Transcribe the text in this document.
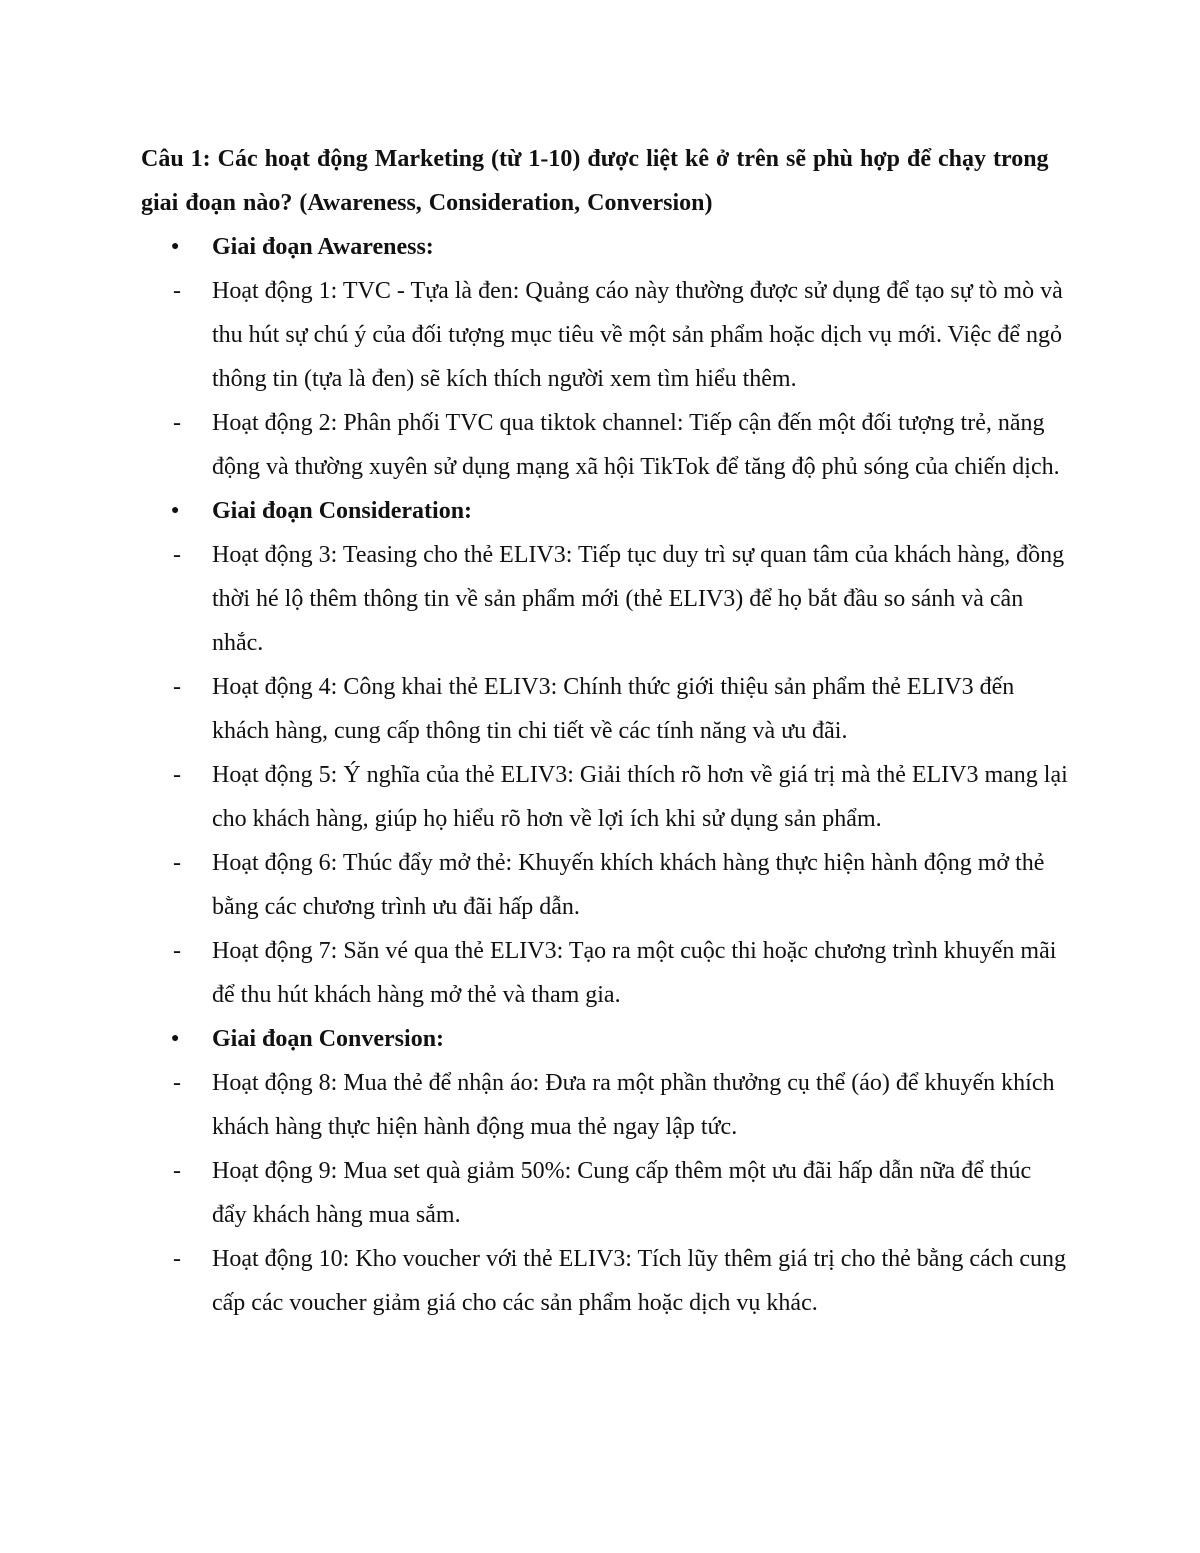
Câu 1: Các hoạt động Marketing (từ 1-10) được liệt kê ở trên sẽ phù hợp để chạy trong giai đoạn nào? (Awareness, Consideration, Conversion)

● Giai đoạn Awareness:
- Hoạt động 1: TVC - Tựa là đen: Quảng cáo này thường được sử dụng để tạo sự tò mò và thu hút sự chú ý của đối tượng mục tiêu về một sản phẩm hoặc dịch vụ mới. Việc để ngỏ thông tin (tựa là đen) sẽ kích thích người xem tìm hiểu thêm.
- Hoạt động 2: Phân phối TVC qua tiktok channel: Tiếp cận đến một đối tượng trẻ, năng động và thường xuyên sử dụng mạng xã hội TikTok để tăng độ phủ sóng của chiến dịch.
● Giai đoạn Consideration:
- Hoạt động 3: Teasing cho thẻ ELIV3: Tiếp tục duy trì sự quan tâm của khách hàng, đồng thời hé lộ thêm thông tin về sản phẩm mới (thẻ ELIV3) để họ bắt đầu so sánh và cân nhắc.
- Hoạt động 4: Công khai thẻ ELIV3: Chính thức giới thiệu sản phẩm thẻ ELIV3 đến khách hàng, cung cấp thông tin chi tiết về các tính năng và ưu đãi.
- Hoạt động 5: Ý nghĩa của thẻ ELIV3: Giải thích rõ hơn về giá trị mà thẻ ELIV3 mang lại cho khách hàng, giúp họ hiểu rõ hơn về lợi ích khi sử dụng sản phẩm.
- Hoạt động 6: Thúc đẩy mở thẻ: Khuyến khích khách hàng thực hiện hành động mở thẻ bằng các chương trình ưu đãi hấp dẫn.
- Hoạt động 7: Săn vé qua thẻ ELIV3: Tạo ra một cuộc thi hoặc chương trình khuyến mãi để thu hút khách hàng mở thẻ và tham gia.
● Giai đoạn Conversion:
- Hoạt động 8: Mua thẻ để nhận áo: Đưa ra một phần thưởng cụ thể (áo) để khuyến khích khách hàng thực hiện hành động mua thẻ ngay lập tức.
- Hoạt động 9: Mua set quà giảm 50%: Cung cấp thêm một ưu đãi hấp dẫn nữa để thúc đẩy khách hàng mua sắm.
- Hoạt động 10: Kho voucher với thẻ ELIV3: Tích lũy thêm giá trị cho thẻ bằng cách cung cấp các voucher giảm giá cho các sản phẩm hoặc dịch vụ khác.
